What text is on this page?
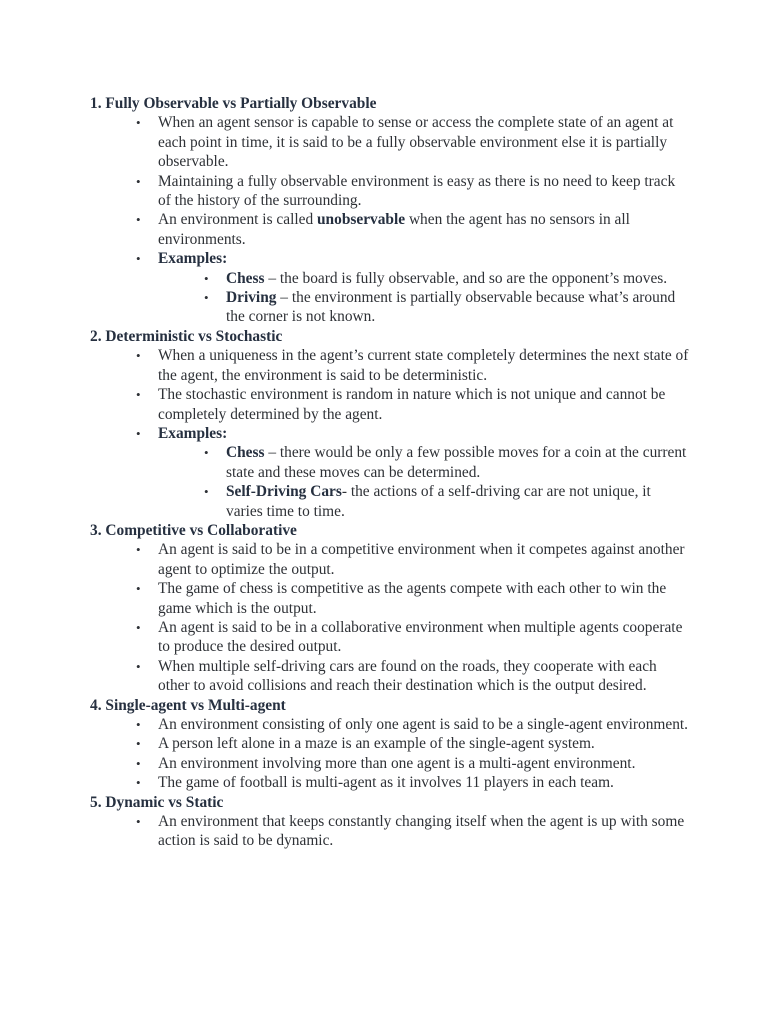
1. Fully Observable vs Partially Observable
• When an agent sensor is capable to sense or access the complete state of an agent at each point in time, it is said to be a fully observable environment else it is partially observable.
• Maintaining a fully observable environment is easy as there is no need to keep track of the history of the surrounding.
• An environment is called unobservable when the agent has no sensors in all environments.
• Examples:
• Chess – the board is fully observable, and so are the opponent’s moves.
• Driving – the environment is partially observable because what’s around the corner is not known.
2. Deterministic vs Stochastic
• When a uniqueness in the agent’s current state completely determines the next state of the agent, the environment is said to be deterministic.
• The stochastic environment is random in nature which is not unique and cannot be completely determined by the agent.
• Examples:
• Chess – there would be only a few possible moves for a coin at the current state and these moves can be determined.
• Self-Driving Cars- the actions of a self-driving car are not unique, it varies time to time.
3. Competitive vs Collaborative
• An agent is said to be in a competitive environment when it competes against another agent to optimize the output.
• The game of chess is competitive as the agents compete with each other to win the game which is the output.
• An agent is said to be in a collaborative environment when multiple agents cooperate to produce the desired output.
• When multiple self-driving cars are found on the roads, they cooperate with each other to avoid collisions and reach their destination which is the output desired.
4. Single-agent vs Multi-agent
• An environment consisting of only one agent is said to be a single-agent environment.
• A person left alone in a maze is an example of the single-agent system.
• An environment involving more than one agent is a multi-agent environment.
• The game of football is multi-agent as it involves 11 players in each team.
5. Dynamic vs Static
• An environment that keeps constantly changing itself when the agent is up with some action is said to be dynamic.
